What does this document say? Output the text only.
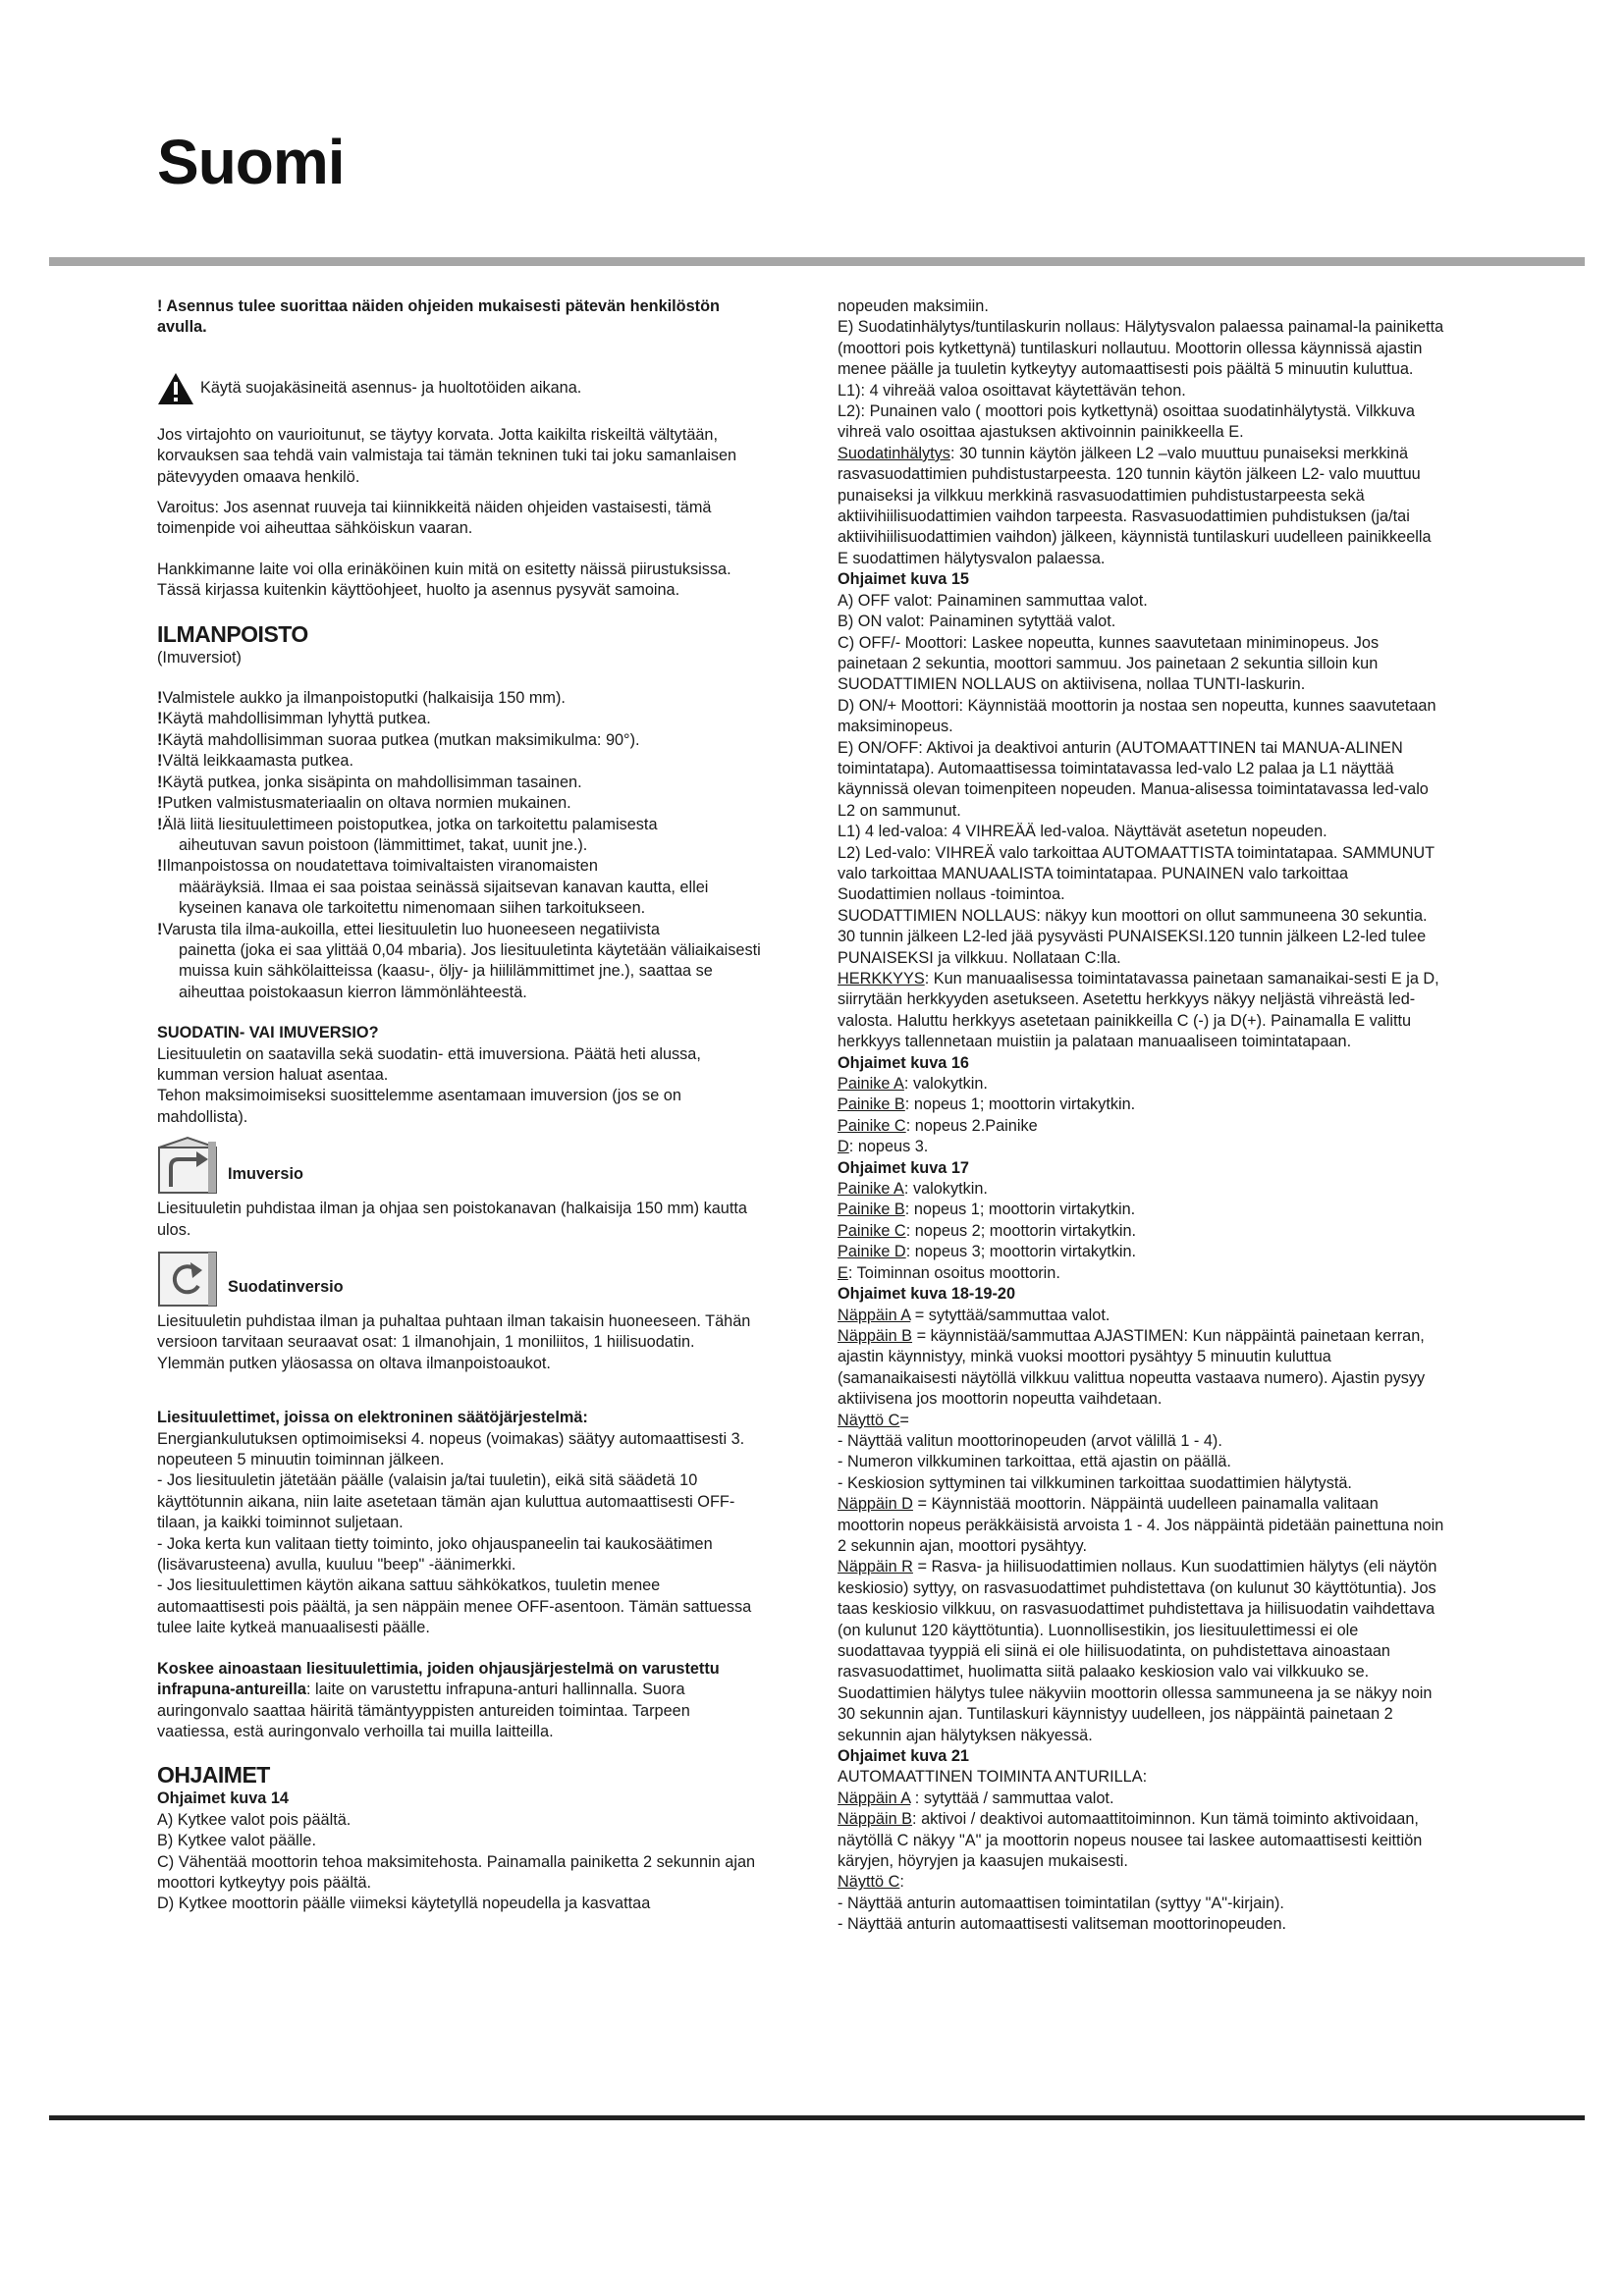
Suomi

! Asennus tulee suorittaa näiden ohjeiden mukaisesti pätevän henkilöstön avulla.

Käytä suojakäsineitä asennus- ja huoltotöiden aikana.

Jos virtajohto on vaurioitunut, se täytyy korvata. Jotta kaikilta riskeiltä vältytään, korvauksen saa tehdä vain valmistaja tai tämän tekninen tuki tai joku samanlaisen pätevyyden omaava henkilö.

Varoitus: Jos asennat ruuveja tai kiinnikkeitä näiden ohjeiden vastaisesti, tämä toimenpide voi aiheuttaa sähköiskun vaaran.

Hankkimanne laite voi olla erinäköinen kuin mitä on esitetty näissä piirustuksissa. Tässä kirjassa kuitenkin käyttöohjeet, huolto ja asennus pysyvät samoina.

ILMANPOISTO

(Imuversiot)

!Valmistele aukko ja ilmanpoistoputki (halkaisija 150 mm).

!Käytä mahdollisimman lyhyttä putkea.

!Käytä mahdollisimman suoraa putkea (mutkan maksimikulma: 90°).

!Vältä leikkaamasta putkea.

!Käytä putkea, jonka sisäpinta on mahdollisimman tasainen.

!Putken valmistusmateriaalin on oltava normien mukainen.

!Älä liitä liesituulettimeen poistoputkea, jotka on tarkoitettu palamisesta

aiheutuvan savun poistoon (lämmittimet, takat, uunit jne.).

!Ilmanpoistossa on noudatettava toimivaltaisten viranomaisten

määräyksiä. Ilmaa ei saa poistaa seinässä sijaitsevan kanavan kautta, ellei kyseinen kanava ole tarkoitettu nimenomaan siihen tarkoitukseen.

!Varusta tila ilma-aukoilla, ettei liesituuletin luo huoneeseen negatiivista

painetta (joka ei saa ylittää 0,04 mbaria). Jos liesituuletinta käytetään väliaikaisesti muissa kuin sähkölaitteissa (kaasu-, öljy- ja hiililämmittimet jne.), saattaa se aiheuttaa poistokaasun kierron lämmönlähteestä.

SUODATIN- VAI IMUVERSIO?

Liesituuletin on saatavilla sekä suodatin- että imuversiona. Päätä heti alussa, kumman version haluat asentaa.

Tehon maksimoimiseksi suosittelemme asentamaan imuversion (jos se on mahdollista).

Imuversio

Liesituuletin puhdistaa ilman ja ohjaa sen poistokanavan (halkaisija 150 mm) kautta ulos.

Suodatinversio

Liesituuletin puhdistaa ilman ja puhaltaa puhtaan ilman takaisin huoneeseen. Tähän versioon tarvitaan seuraavat osat: 1 ilmanohjain, 1 moniliitos, 1 hiilisuodatin. Ylemmän putken yläosassa on oltava ilmanpoistoaukot.

Liesituulettimet, joissa on elektroninen säätöjärjestelmä:

Energiankulutuksen optimoimiseksi 4. nopeus (voimakas) säätyy automaattisesti 3. nopeuteen 5 minuutin toiminnan jälkeen.

- Jos liesituuletin jätetään päälle (valaisin ja/tai tuuletin), eikä sitä säädetä 10 käyttötunnin aikana, niin laite asetetaan tämän ajan kuluttua automaattisesti OFF-tilaan, ja kaikki toiminnot suljetaan.

- Joka kerta kun valitaan tietty toiminto, joko ohjauspaneelin tai kaukosäätimen (lisävarusteena) avulla, kuuluu "beep" -äänimerkki.

- Jos liesituulettimen käytön aikana sattuu sähkökatkos, tuuletin menee automaattisesti pois päältä, ja sen näppäin menee OFF-asentoon. Tämän sattuessa tulee laite kytkeä manuaalisesti päälle.

Koskee ainoastaan liesituulettimia, joiden ohjausjärjestelmä on varustettu infrapuna-antureilla: laite on varustettu infrapuna-anturi hallinnalla. Suora auringonvalo saattaa häiritä tämäntyyppisten antureiden toimintaa. Tarpeen vaatiessa, estä auringonvalo verhoilla tai muilla laitteilla.

OHJAIMET

Ohjaimet kuva 14

A) Kytkee valot pois päältä.

B) Kytkee valot päälle.

C) Vähentää moottorin tehoa maksimitehosta. Painamalla painiketta 2 sekunnin ajan moottori kytkeytyy pois päältä.

D) Kytkee moottorin päälle viimeksi käytetyllä nopeudella ja kasvattaa

nopeuden maksimiin.

E) Suodatinhälytys/tuntilaskurin nollaus: Hälytysvalon palaessa painamal-la painiketta (moottori pois kytkettynä) tuntilaskuri nollautuu. Moottorin ollessa käynnissä ajastin menee päälle ja tuuletin kytkeytyy automaattisesti pois päältä 5 minuutin kuluttua.

L1): 4 vihreää valoa osoittavat käytettävän tehon.

L2): Punainen valo ( moottori pois kytkettynä) osoittaa suodatinhälytystä. Vilkkuva vihreä valo osoittaa ajastuksen aktivoinnin painikkeella E.

Suodatinhälytys: 30 tunnin käytön jälkeen L2 –valo muuttuu punaiseksi merkkinä rasvasuodattimien puhdistustarpeesta. 120 tunnin käytön jälkeen L2- valo muuttuu punaiseksi ja vilkkuu merkkinä rasvasuodattimien puhdistustarpeesta sekä aktiivihiilisuodattimien vaihdon tarpeesta. Rasvasuodattimien puhdistuksen (ja/tai aktiivihiilisuodattimien vaihdon) jälkeen, käynnistä tuntilaskuri uudelleen painikkeella E suodattimen hälytysvalon palaessa.

Ohjaimet kuva 15

A) OFF valot: Painaminen sammuttaa valot.

B) ON valot: Painaminen sytyttää valot.

C) OFF/- Moottori: Laskee nopeutta, kunnes saavutetaan miniminopeus. Jos painetaan 2 sekuntia, moottori sammuu. Jos painetaan 2 sekuntia silloin kun SUODATTIMIEN NOLLAUS on aktiivisena, nollaa TUNTI-laskurin.

D) ON/+ Moottori: Käynnistää moottorin ja nostaa sen nopeutta, kunnes saavutetaan maksiminopeus.

E) ON/OFF: Aktivoi ja deaktivoi anturin (AUTOMAATTINEN tai MANUA-ALINEN toimintatapa). Automaattisessa toimintatavassa led-valo L2 palaa ja L1 näyttää käynnissä olevan toimenpiteen nopeuden. Manua-alisessa toimintatavassa led-valo L2 on sammunut.

L1) 4 led-valoa: 4 VIHREÄÄ led-valoa. Näyttävät asetetun nopeuden.

L2) Led-valo: VIHREÄ valo tarkoittaa AUTOMAATTISTA toimintatapaa. SAMMUNUT valo tarkoittaa MANUAALISTA toimintatapaa. PUNAINEN valo tarkoittaa Suodattimien nollaus -toimintoa.

SUODATTIMIEN NOLLAUS: näkyy kun moottori on ollut sammuneena 30 sekuntia. 30 tunnin jälkeen L2-led jää pysyvästi PUNAISEKSI.120 tunnin jälkeen L2-led tulee PUNAISEKSI ja vilkkuu. Nollataan C:lla.

HERKKYYS: Kun manuaalisessa toimintatavassa painetaan samanaikai-sesti E ja D, siirrytään herkkyyden asetukseen. Asetettu herkkyys näkyy neljästä vihreästä led-valosta. Haluttu herkkyys asetetaan painikkeilla C (-) ja D(+). Painamalla E valittu herkkyys tallennetaan muistiin ja palataan manuaaliseen toimintatapaan.

Ohjaimet kuva 16

Painike A: valokytkin.

Painike B: nopeus 1; moottorin virtakytkin.

Painike C: nopeus 2.Painike

D: nopeus 3.

Ohjaimet kuva 17

Painike A: valokytkin.

Painike B: nopeus 1; moottorin virtakytkin.

Painike C: nopeus 2; moottorin virtakytkin.

Painike D: nopeus 3; moottorin virtakytkin.

E: Toiminnan osoitus moottorin.

Ohjaimet kuva 18-19-20

Näppäin A = sytyttää/sammuttaa valot.

Näppäin B = käynnistää/sammuttaa AJASTIMEN: Kun näppäintä painetaan kerran, ajastin käynnistyy, minkä vuoksi moottori pysähtyy 5 minuutin kuluttua (samanaikaisesti näytöllä vilkkuu valittua nopeutta vastaava numero). Ajastin pysyy aktiivisena jos moottorin nopeutta vaihdetaan.

Näyttö C=

- Näyttää valitun moottorinopeuden (arvot välillä 1 - 4).

- Numeron vilkkuminen tarkoittaa, että ajastin on päällä.

- Keskiosion syttyminen tai vilkkuminen tarkoittaa suodattimien hälytystä.

Näppäin D = Käynnistää moottorin. Näppäintä uudelleen painamalla valitaan moottorin nopeus peräkkäisistä arvoista 1 - 4. Jos näppäintä pidetään painettuna noin 2 sekunnin ajan, moottori pysähtyy.

Näppäin R = Rasva- ja hiilisuodattimien nollaus. Kun suodattimien hälytys (eli näytön keskiosio) syttyy, on rasvasuodattimet puhdistettava (on kulunut 30 käyttötuntia). Jos taas keskiosio vilkkuu, on rasvasuodattimet puhdistettava ja hiilisuodatin vaihdettava (on kulunut 120 käyttötuntia). Luonnollisestikin, jos liesituulettimessi ei ole suodattavaa tyyppiä eli siinä ei ole hiilisuodatinta, on puhdistettava ainoastaan rasvasuodattimet, huolimatta siitä palaako keskiosion valo vai vilkkuuko se. Suodattimien hälytys tulee näkyviin moottorin ollessa sammuneena ja se näkyy noin 30 sekunnin ajan. Tuntilaskuri käynnistyy uudelleen, jos näppäintä painetaan 2 sekunnin ajan hälytyksen näkyessä.

Ohjaimet kuva 21

AUTOMAATTINEN TOIMINTA ANTURILLA:

Näppäin A : sytyttää / sammuttaa valot.

Näppäin B: aktivoi / deaktivoi automaattitoiminnon. Kun tämä toiminto aktivoidaan, näytöllä C näkyy "A" ja moottorin nopeus nousee tai laskee automaattisesti keittiön käryjen, höyryjen ja kaasujen mukaisesti.

Näyttö C:

- Näyttää anturin automaattisen toimintatilan (syttyy "A"-kirjain).

- Näyttää anturin automaattisesti valitseman moottorinopeuden.
